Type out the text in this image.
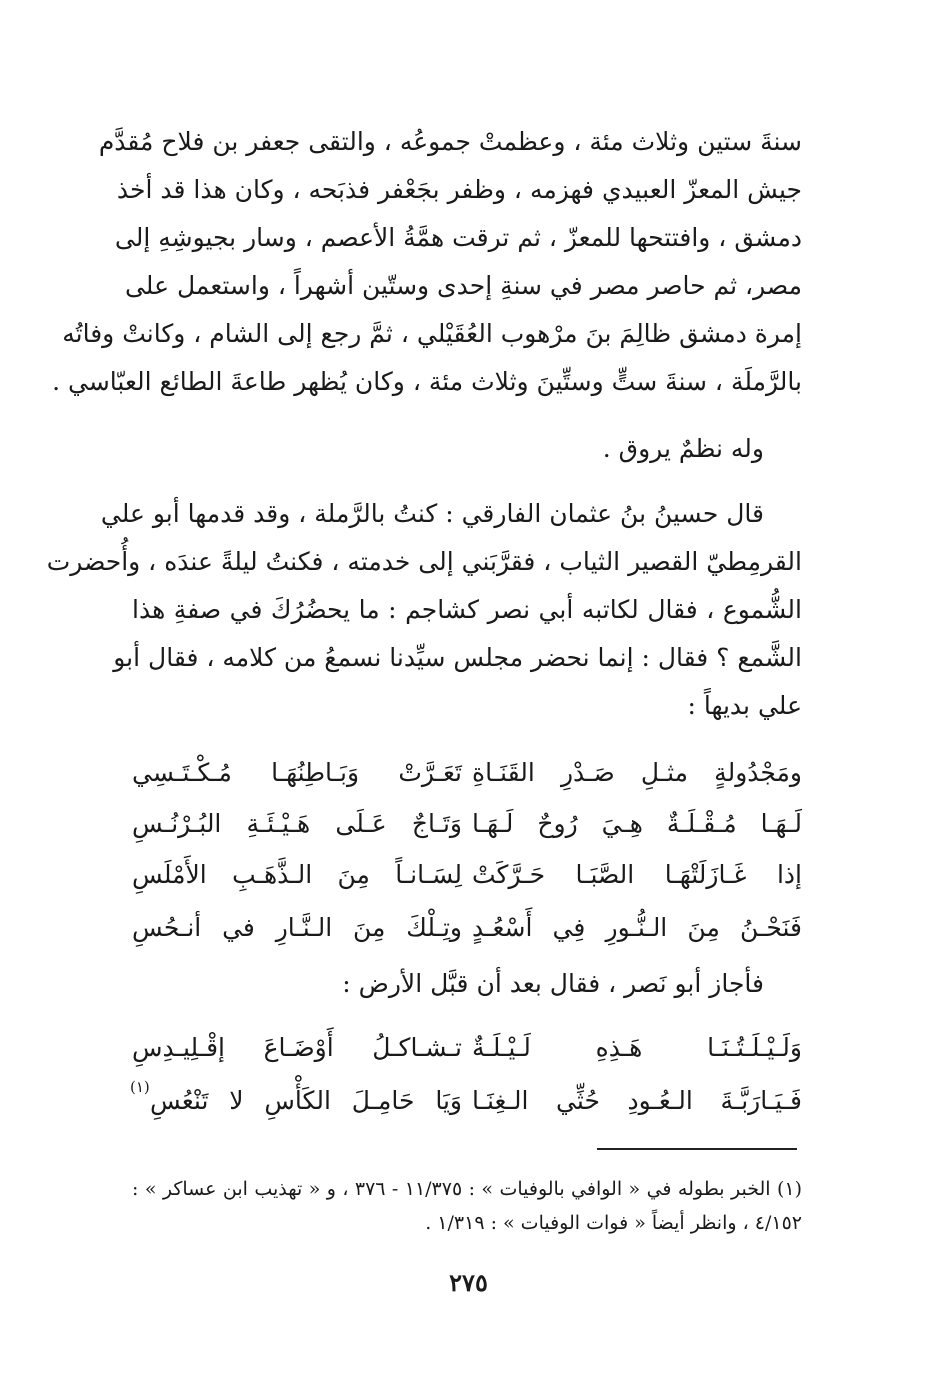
سنةَ ستين وثلاث مئة ، وعظمتْ جموعُه ، والتقى جعفر بن فلاح مُقدَّم
جيش المعزّ العبيدي فهزمه ، وظفر بجَعْفر فذبَحه ، وكان هذا قد أخذ
دمشق ، وافتتحها للمعزّ ، ثم ترقت همَّةُ الأعصم ، وسار بجيوشِهِ إلى
مصر، ثم حاصر مصر في سنةِ إحدى وستّين أشهراً ، واستعمل على
إمرة دمشق ظالِمَ بنَ مرْهوب العُقَيْلي ، ثمَّ رجع إلى الشام ، وكانتْ وفاتُه
بالرَّملَة ، سنةَ ستٍّ وستِّينَ وثلاث مئة ، وكان يُظهر طاعةَ الطائع العبّاسي .
وله نظمٌ يروق .
قال حسينُ بنُ عثمان الفارقي : كنتُ بالرَّملة ، وقد قدمها أبو علي
القرمِطيّ القصير الثياب ، فقرَّبَني إلى خدمته ، فكنتُ ليلةً عندَه ، وأُحضرت
الشُّموع ، فقال لكاتبه أبي نصر كشاجم : ما يحضُرُكَ في صفةِ هذا
الشَّمع ؟ فقال : إنما نحضر مجلس سيِّدنا نسمعُ من كلامه ، فقال أبو
علي بديهاً :
ومَجْدُولةٍ مثـلِ صَـدْرِ القَنَـاةِ
تَعَـرَّتْ وَبَـاطِنُهَـا مُـكْـتَـسِي
لَـهَـا مُـقْـلَـةٌ هِـيَ رُوحٌ لَـهَـا
وَتَـاجٌ عَـلَى هَـيْـئَـةِ البُـرْنُـسِ
إذا غَـازَلَتْهَـا الصَّبَـا حَـرَّكَتْ
لِسَـانـاً مِنَ الـذَّهَـبِ الأَمْلَسِ
فَنَحْـنُ مِنَ الـنُّـورِ فِي أَسْعُـدٍ
وتِـلْكَ مِنَ الـنَّـارِ في أنـحُسِ
فأجاز أبو نَصر ، فقال بعد أن قبَّل الأرض :
وَلَـيْـلَـتُـنَـا هَـذِهِ لَـيْـلَـةٌ
تـشـاكـلُ أَوْضَـاعَ إقْـلِيـدِسِ
فَـيَـارَبَّـةَ الـعُـودِ حُثِّي الـغِنَـا
وَيَا حَامِـلَ الكَأْسِ لا تَنْعُسِ
(١)
(١) الخبر بطوله في « الوافي بالوفيات » : ١١/٣٧٥ - ٣٧٦ ، و « تهذيب ابن عساكر » :
٤/١٥٢ ، وانظر أيضاً « فوات الوفيات » : ١/٣١٩ .
٢٧٥
